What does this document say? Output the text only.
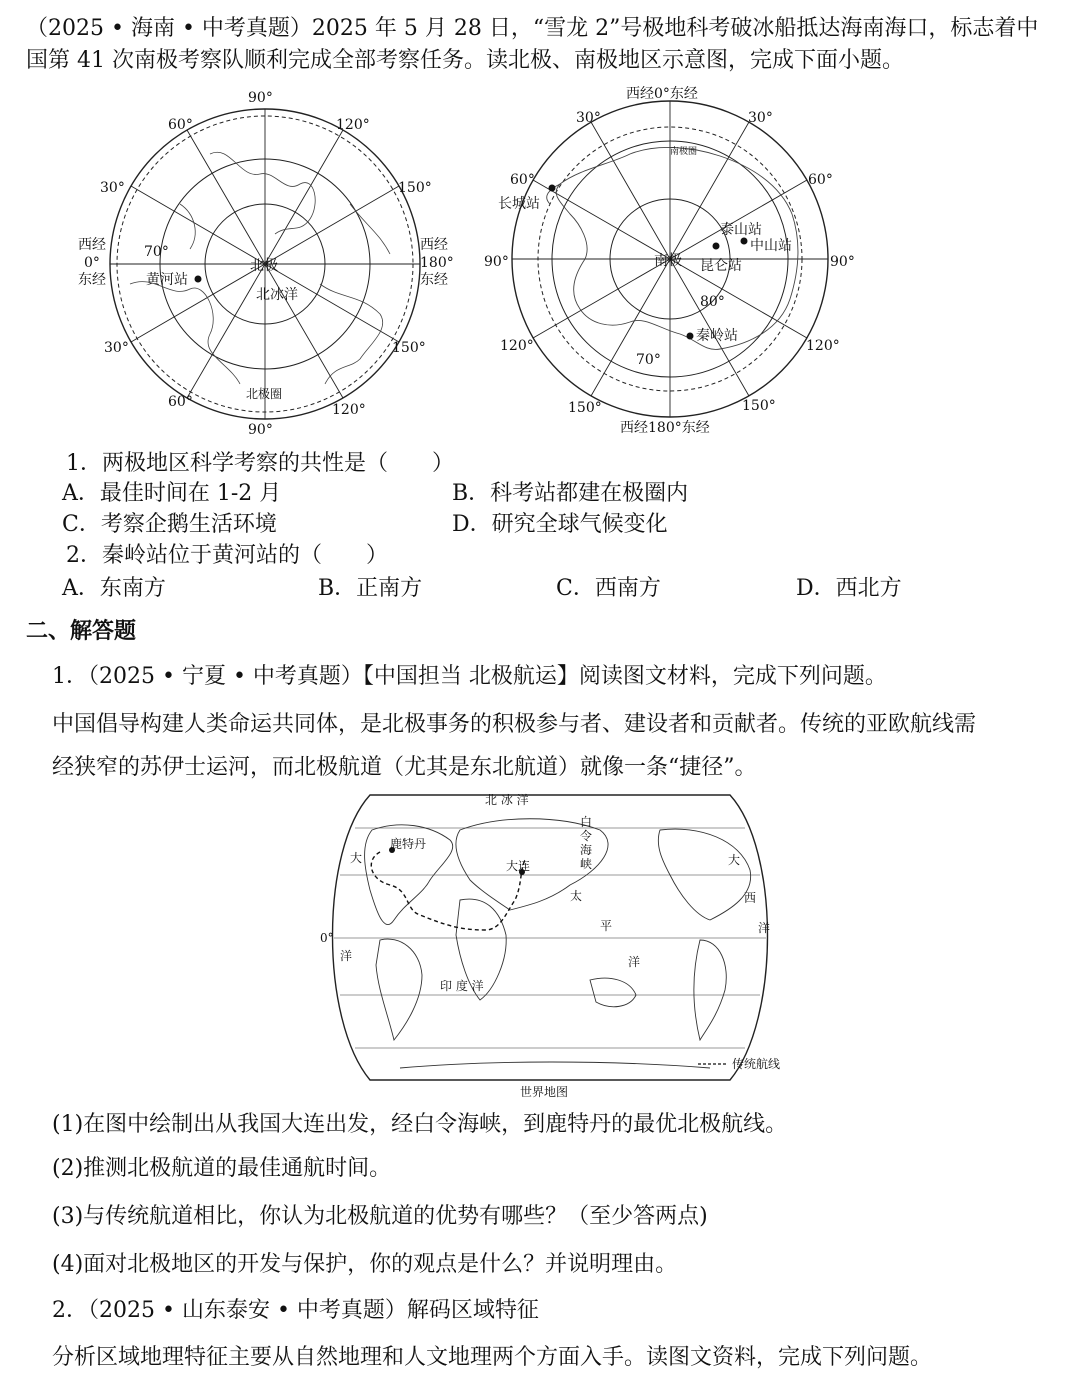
（2025 • 海南 • 中考真题）2025 年 5 月 28 日，“雪龙 2”号极地科考破冰船抵达海南海口，标志着中
国第 41 次南极考察队顺利完成全部考察任务。读北极、南极地区示意图，完成下面小题。
90°
90°
60°	120°
30°	150°
西经
0°
东经
西经
180°
东经
30°	150°
60°	120°
70°
北极
北冰洋
黄河站
北极圈
西经0°东经
西经180°东经
30°	30°
60°	60°
90°	90°
120°	120°
150°	150°
80°
70°
南极
长城站
泰山站
中山站
昆仑站
秦岭站
南极圈
1．两极地区科学考察的共性是（　　）
A．最佳时间在 1-2 月	B．科考站都建在极圈内
C．考察企鹅生活环境	D．研究全球气候变化
2．秦岭站位于黄河站的（　　）
A．东南方	B．正南方	C．西南方	D．西北方
二、解答题
1．（2025 • 宁夏 • 中考真题）【中国担当 北极航运】阅读图文材料，完成下列问题。
中国倡导构建人类命运共同体，是北极事务的积极参与者、建设者和贡献者。传统的亚欧航线需
经狭窄的苏伊士运河，而北极航道（尤其是东北航道）就像一条“捷径”。
鹿特丹
大连
白
令
海
峡
北 冰 洋
0°
大
洋
太
平
洋
大
西
洋
印 度 洋
传统航线
世界地图
(1)在图中绘制出从我国大连出发，经白令海峡，到鹿特丹的最优北极航线。
(2)推测北极航道的最佳通航时间。
(3)与传统航道相比，你认为北极航道的优势有哪些？（至少答两点)
(4)面对北极地区的开发与保护，你的观点是什么？并说明理由。
2．（2025 • 山东泰安 • 中考真题）解码区域特征
分析区域地理特征主要从自然地理和人文地理两个方面入手。读图文资料，完成下列问题。
